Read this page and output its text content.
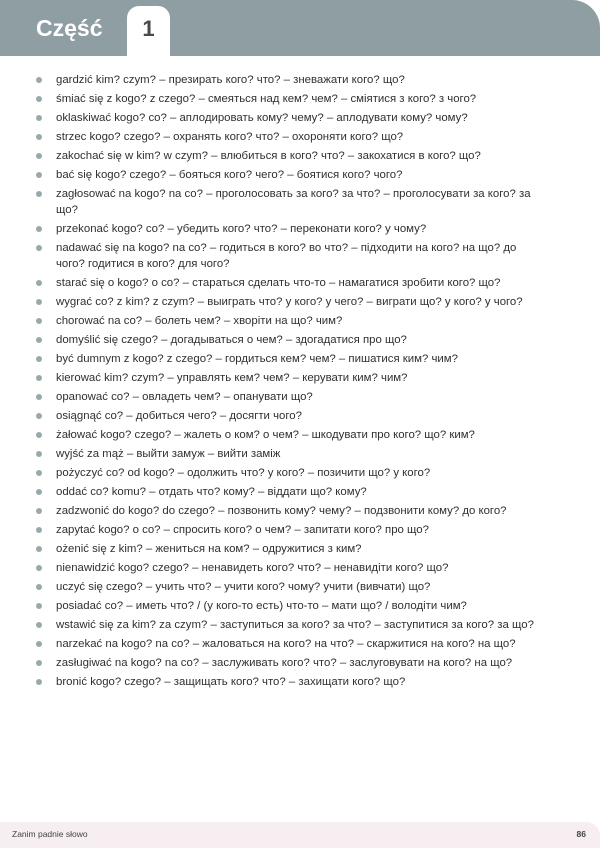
Część	1
gardzić kim? czym? – презирать кого? что? – зневажати кого? що?
śmiać się z kogo? z czego? – смеяться над кем? чем? – сміятися з кого? з чого?
oklaskiwać kogo? co? – аплодировать кому? чему? – аплодувати кому? чому?
strzec kogo? czego? – охранять кого? что? – охороняти кого? що?
zakochać się w kim? w czym? – влюбиться в кого? что? – закохатися в кого? що?
bać się kogo? czego? – бояться кого? чего? – боятися кого? чого?
zagłosować na kogo? na co? – проголосовать за кого? за что? – проголосувати за кого? за що?
przekonać kogo? co? – убедить кого? что? – переконати кого? у чому?
nadawać się na kogo? na co? – годиться в кого? во что? – підходити на кого? на що? до чого? годитися в кого? для чого?
starać się o kogo? o co? – стараться сделать что-то – намагатися зробити кого? що?
wygrać co? z kim? z czym? – выиграть что? у кого? у чего? – виграти що? у кого? у чого?
chorować na co? – болеть чем? – хворіти на що? чим?
domyślić się czego? – догадываться о чем? – здогадатися про що?
być dumnym z kogo? z czego? – гордиться кем? чем? – пишатися ким? чим?
kierować kim? czym? – управлять кем? чем? – керувати ким? чим?
opanować co? – овладеть чем? – опанувати що?
osiągnąć co? – добиться чего? – досягти чого?
żałować kogo? czego? – жалеть о ком? о чем? – шкодувати про кого? що? ким?
wyjść za mąż – выйти замуж – вийти заміж
pożyczyć co? od kogo? – одолжить что? у кого? – позичити що? у кого?
oddać co? komu? – отдать что? кому? – віддати що? кому?
zadzwonić do kogo? do czego? – позвонить кому? чему? – подзвонити кому? до кого?
zapytać kogo? o co? – спросить кого? о чем? – запитати кого? про що?
ożenić się z kim? – жениться на ком? – одружитися з ким?
nienawidzić kogo? czego? – ненавидеть кого? что? – ненавидіти кого? що?
uczyć się czego? – учить что? – учити кого? чому? учити (вивчати) що?
posiadać co? – иметь что? / (у кого-то есть) что-то – мати що? / володіти чим?
wstawić się za kim? za czym? – заступиться за кого? за что? – заступитися за кого? за що?
narzekać na kogo? na co? – жаловаться на кого? на что? – скаржитися на кого? на що?
zasługiwać na kogo? na co? – заслуживать кого? что? – заслуговувати на кого? на що?
bronić kogo? czego? – защищать кого? что? – захищати кого? що?
Zanim padnie słowo	86
